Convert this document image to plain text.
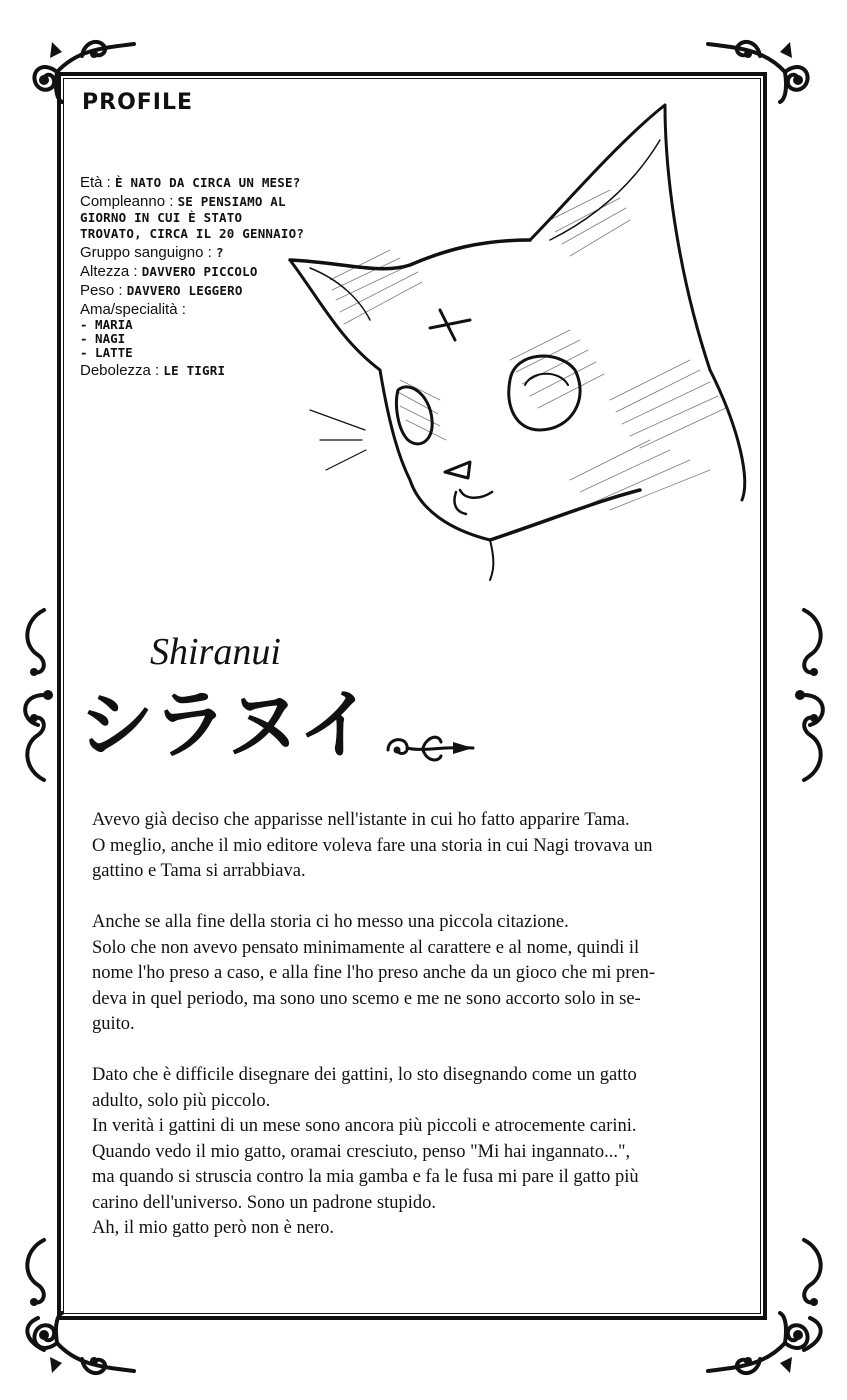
PROFILE
Età : È NATO DA CIRCA UN MESE?
Compleanno : SE PENSIAMO AL GIORNO IN CUI È STATO TROVATO, CIRCA IL 20 GENNAIO?
Gruppo sanguigno : ?
Altezza : DAVVERO PICCOLO
Peso : DAVVERO LEGGERO
Ama/specialità :
- MARIA
- NAGI
- LATTE
Debolezza : LE TIGRI
Shiranui
シラヌイ

Avevo già deciso che apparisse nell'istante in cui ho fatto apparire Tama.
O meglio, anche il mio editore voleva fare una storia in cui Nagi trovava un
gattino e Tama si arrabbiava.

Anche se alla fine della storia ci ho messo una piccola citazione.
Solo che non avevo pensato minimamente al carattere e al nome, quindi il
nome l'ho preso a caso, e alla fine l'ho preso anche da un gioco che mi pren-
deva in quel periodo, ma sono uno scemo e me ne sono accorto solo in se-
guito.

Dato che è difficile disegnare dei gattini, lo sto disegnando come un gatto
adulto, solo più piccolo.
In verità i gattini di un mese sono ancora più piccoli e atrocemente carini.
Quando vedo il mio gatto, oramai cresciuto, penso "Mi hai ingannato...",
ma quando si struscia contro la mia gamba e fa le fusa mi pare il gatto più
carino dell'universo. Sono un padrone stupido.
Ah, il mio gatto però non è nero.
